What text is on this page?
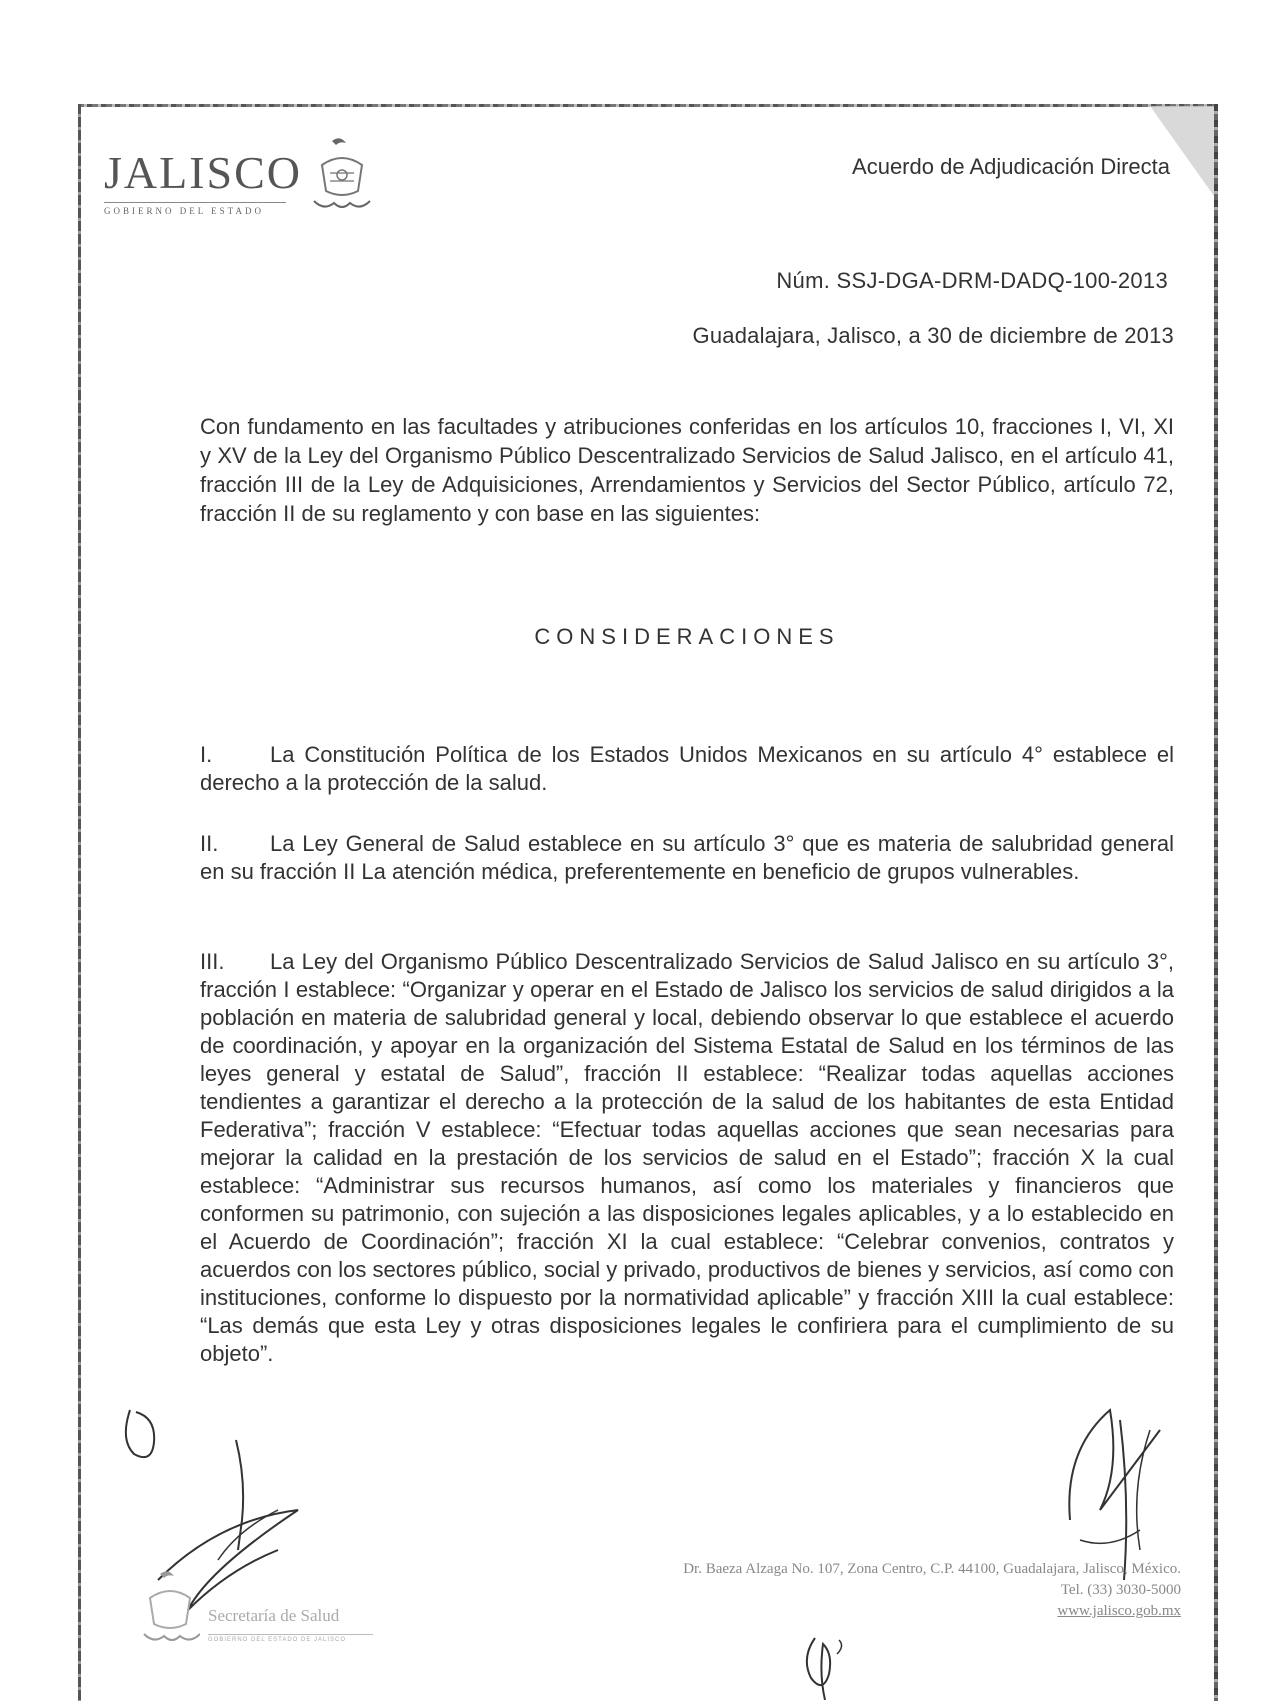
JALISCO
GOBIERNO DEL ESTADO
Acuerdo de Adjudicación Directa
Núm. SSJ-DGA-DRM-DADQ-100-2013
Guadalajara, Jalisco, a 30 de diciembre de 2013
Con fundamento en las facultades y atribuciones conferidas en los artículos 10, fracciones I, VI, XI y XV de la Ley del Organismo Público Descentralizado Servicios de Salud Jalisco, en el artículo 41, fracción III de la Ley de Adquisiciones, Arrendamientos y Servicios del Sector Público, artículo 72, fracción II de su reglamento y con base en las siguientes:
CONSIDERACIONES
I.	La Constitución Política de los Estados Unidos Mexicanos en su artículo 4° establece el derecho a la protección de la salud.
II. La Ley General de Salud establece en su artículo 3° que es materia de salubridad general en su fracción II La atención médica, preferentemente en beneficio de grupos vulnerables.
III. La Ley del Organismo Público Descentralizado Servicios de Salud Jalisco en su artículo 3°, fracción I establece: “Organizar y operar en el Estado de Jalisco los servicios de salud dirigidos a la población en materia de salubridad general y local, debiendo observar lo que establece el acuerdo de coordinación, y apoyar en la organización del Sistema Estatal de Salud en los términos de las leyes general y estatal de Salud”, fracción II establece: “Realizar todas aquellas acciones tendientes a garantizar el derecho a la protección de la salud de los habitantes de esta Entidad Federativa”; fracción V establece: “Efectuar todas aquellas acciones que sean necesarias para mejorar la calidad en la prestación de los servicios de salud en el Estado”; fracción X la cual establece: “Administrar sus recursos humanos, así como los materiales y financieros que conformen su patrimonio, con sujeción a las disposiciones legales aplicables, y a lo establecido en el Acuerdo de Coordinación”; fracción XI la cual establece: “Celebrar convenios, contratos y acuerdos con los sectores público, social y privado, productivos de bienes y servicios, así como con instituciones, conforme lo dispuesto por la normatividad aplicable” y fracción XIII la cual establece: “Las demás que esta Ley y otras disposiciones legales le confiriera para el cumplimiento de su objeto”.
Dr. Baeza Alzaga No. 107, Zona Centro, C.P. 44100, Guadalajara, Jalisco, México.
Tel. (33) 3030-5000
www.jalisco.gob.mx
Secretaría de Salud
GOBIERNO DEL ESTADO DE JALISCO
